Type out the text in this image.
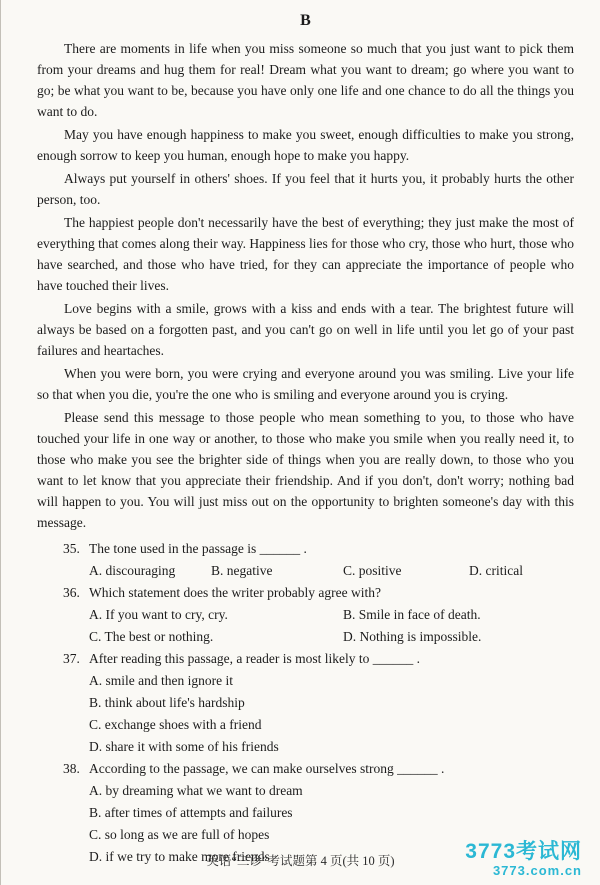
B

There are moments in life when you miss someone so much that you just want to pick them from your dreams and hug them for real! Dream what you want to dream; go where you want to go; be what you want to be, because you have only one life and one chance to do all the things you want to do.

May you have enough happiness to make you sweet, enough difficulties to make you strong, enough sorrow to keep you human, enough hope to make you happy.

Always put yourself in others' shoes. If you feel that it hurts you, it probably hurts the other person, too.

The happiest people don't necessarily have the best of everything; they just make the most of everything that comes along their way. Happiness lies for those who cry, those who hurt, those who have searched, and those who have tried, for they can appreciate the importance of people who have touched their lives.

Love begins with a smile, grows with a kiss and ends with a tear. The brightest future will always be based on a forgotten past, and you can't go on well in life until you let go of your past failures and heartaches.

When you were born, you were crying and everyone around you was smiling. Live your life so that when you die, you're the one who is smiling and everyone around you is crying.

Please send this message to those people who mean something to you, to those who have touched your life in one way or another, to those who make you smile when you really need it, to those who make you see the brighter side of things when you are really down, to those who you want to let know that you appreciate their friendship. And if you don't, don't worry; nothing bad will happen to you. You will just miss out on the opportunity to brighten someone's day with this message.

35. The tone used in the passage is ______ .
A. discouraging	B. negative	C. positive	D. critical
36. Which statement does the writer probably agree with?
A. If you want to cry, cry.	B. Smile in face of death.
C. The best or nothing.	D. Nothing is impossible.
37. After reading this passage, a reader is most likely to ______ .
A. smile and then ignore it
B. think about life's hardship
C. exchange shoes with a friend
D. share it with some of his friends
38. According to the passage, we can make ourselves strong ______ .
A. by dreaming what we want to dream
B. after times of attempts and failures
C. so long as we are full of hopes
D. if we try to make more friends
英语“三诊”考试题第 4 页(共 10 页)	3773考试网
3773.com.cn
